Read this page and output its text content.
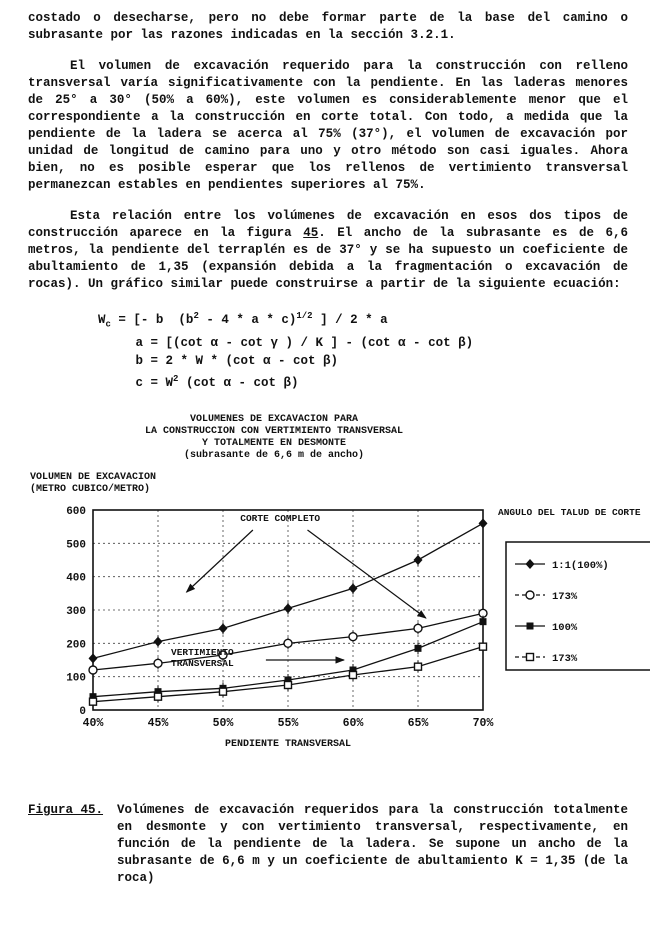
costado o desecharse, pero no debe formar parte de la base del camino o subrasante por las razones indicadas en la sección 3.2.1.

El volumen de excavación requerido para la construcción con relleno transversal varía significativamente con la pendiente. En las laderas menores de 25° a 30° (50% a 60%), este volumen es considerablemente menor que el correspondiente a la construcción en corte total. Con todo, a medida que la pendiente de la ladera se acerca al 75% (37°), el volumen de excavación por unidad de longitud de camino para uno y otro método son casi iguales. Ahora bien, no es posible esperar que los rellenos de vertimiento transversal permanezcan estables en pendientes superiores al 75%.

Esta relación entre los volúmenes de excavación en esos dos tipos de construcción aparece en la figura 45. El ancho de la subrasante es de 6,6 metros, la pendiente del terraplén es de 37° y se ha supuesto un coeficiente de abultamiento de 1,35 (expansión debida a la fragmentación o excavación de rocas). Un gráfico similar puede construirse a partir de la siguiente ecuación:

$W_c$ = [- b  ($b^2 - 4$ * a * c)$^{1/2}$ ] / 2 * a
a = [(cot α - cot γ ) / K ] - (cot α - cot β)
b = 2 * W * (cot α - cot β)
$c = W^2$ (cot α - cot β)
VOLUMENES DE EXCAVACION PARA
LA CONSTRUCCION CON VERTIMIENTO TRANSVERSAL
Y TOTALMENTE EN DESMONTE
(subrasante de 6,6 m de ancho)
VOLUMEN DE EXCAVACION
(METRO CUBICO/METRO)
0
100
200
300
400
500
600
40%	45%	50%	55%	60%	65%	70%
PENDIENTE TRANSVERSAL
CORTE COMPLETO
VERTIMIENTO
TRANSVERSAL
ANGULO DEL TALUD DE CORTE
1:1(100%)
173%
100%
173%
Figura 45. Volúmenes de excavación requeridos para la construcción totalmente en desmonte y con vertimiento transversal, respectivamente, en función de la pendiente de la ladera. Se supone un ancho de la subrasante de 6,6 m y un coeficiente de abultamiento K = 1,35 (de la roca)
